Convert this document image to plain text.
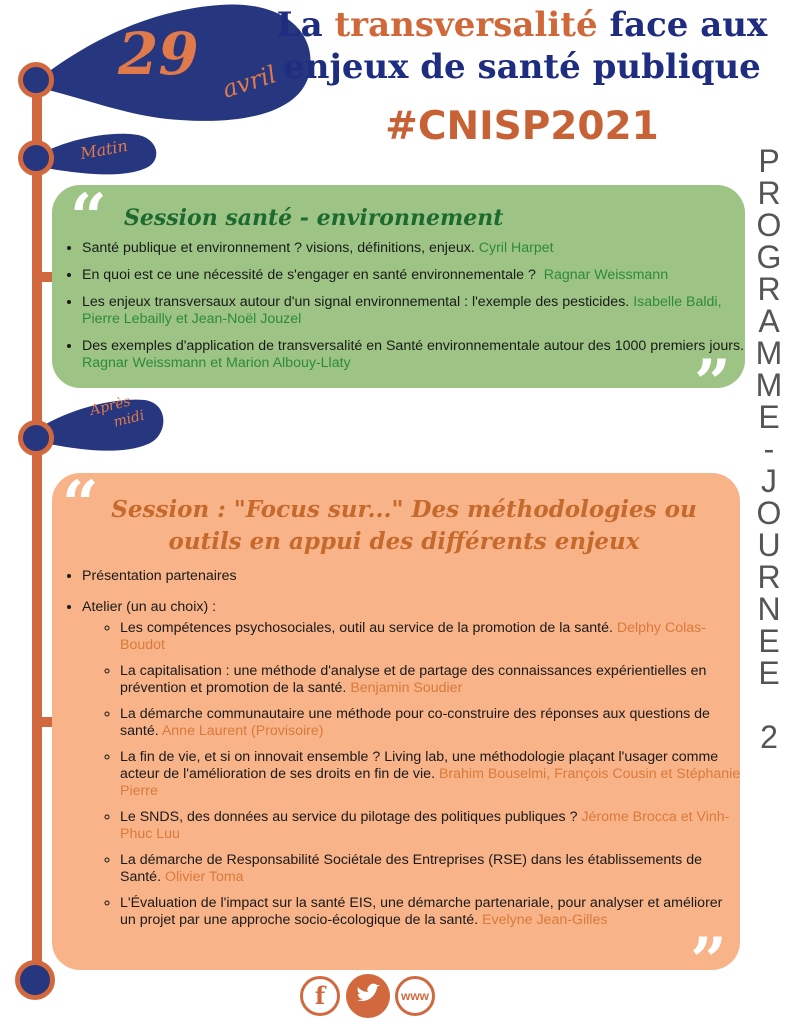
29 avril
La transversalité face aux
enjeux de santé publique
#CNISP2021
P
R
O
G
R
A
M
M
E
-
J
O
U
R
N
E
E
2
Matin
“ Session santé - environnement
• Santé publique et environnement ? visions, définitions, enjeux. Cyril Harpet
• En quoi est ce une nécessité de s'engager en santé environnementale ? Ragnar Weissmann
• Les enjeux transversaux autour d'un signal environnemental : l'exemple des pesticides. Isabelle Baldi, Pierre Lebailly et Jean-Noël Jouzel
• Des exemples d'application de transversalité en Santé environnementale autour des 1000 premiers jours. Ragnar Weissmann et Marion Albouy-Llaty	”
Après
midi
“ Session : "Focus sur..." Des méthodologies ou outils en appui des différents enjeux
• Présentation partenaires
• Atelier (un au choix) :
◦ Les compétences psychosociales, outil au service de la promotion de la santé. Delphy Colas-Boudot
◦ La capitalisation : une méthode d'analyse et de partage des connaissances expérientielles en prévention et promotion de la santé. Benjamin Soudier
◦ La démarche communautaire une méthode pour co-construire des réponses aux questions de santé. Anne Laurent (Provisoire)
◦ La fin de vie, et si on innovait ensemble ? Living lab, une méthodologie plaçant l'usager comme acteur de l'amélioration de ses droits en fin de vie. Brahim Bouselmi, François Cousin et Stéphanie Pierre
◦ Le SNDS, des données au service du pilotage des politiques publiques ? Jérome Brocca et Vinh-Phuc Luu
◦ La démarche de Responsabilité Sociétale des Entreprises (RSE) dans les établissements de Santé. Olivier Toma
◦ L'Évaluation de l'impact sur la santé EIS, une démarche partenariale, pour analyser et améliorer un projet par une approche socio-écologique de la santé. Evelyne Jean-Gilles
”
f	www
